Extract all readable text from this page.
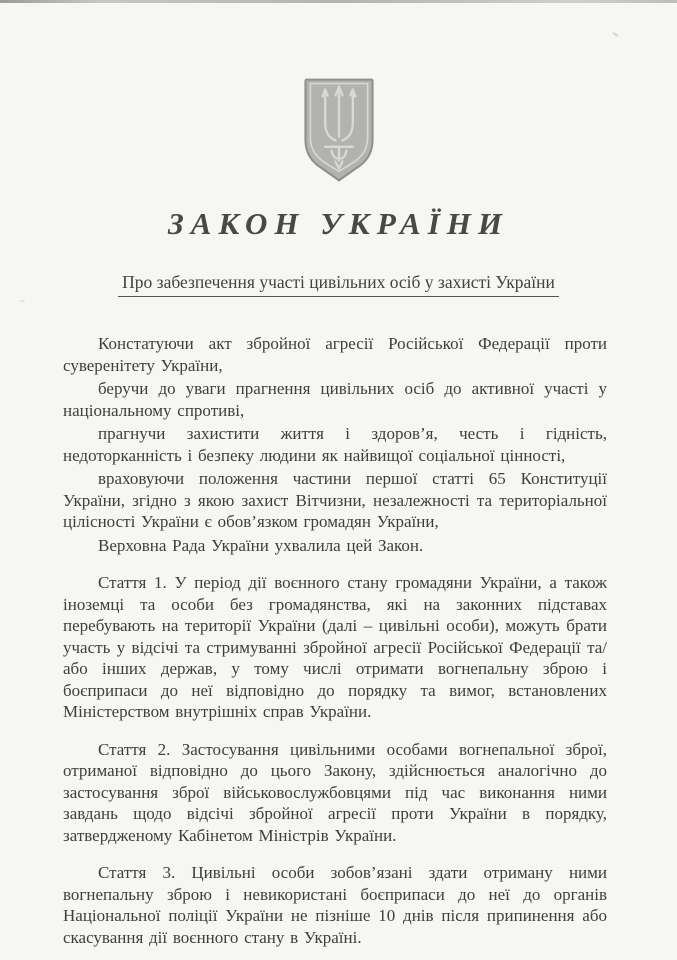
ЗАКОН УКРАЇНИ
Про забезпечення участі цивільних осіб у захисті України

Констатуючи акт збройної агресії Російської Федерації проти суверенітету України,

беручи до уваги прагнення цивільних осіб до активної участі у національному спротиві,

прагнучи захистити життя і здоров’я, честь і гідність, недоторканність і безпеку людини як найвищої соціальної цінності,

враховуючи положення частини першої статті 65 Конституції України, згідно з якою захист Вітчизни, незалежності та територіальної цілісності України є обов’язком громадян України,

Верховна Рада України ухвалила цей Закон.

Стаття 1. У період дії воєнного стану громадяни України, а також іноземці та особи без громадянства, які на законних підставах перебувають на території України (далі – цивільні особи), можуть брати участь у відсічі та стримуванні збройної агресії Російської Федерації та/або інших держав, у тому числі отримати вогнепальну зброю і боєприпаси до неї відповідно до порядку та вимог, встановлених Міністерством внутрішніх справ України.

Стаття 2. Застосування цивільними особами вогнепальної зброї, отриманої відповідно до цього Закону, здійснюється аналогічно до застосування зброї військовослужбовцями під час виконання ними завдань щодо відсічі збройної агресії проти України в порядку, затвердженому Кабінетом Міністрів України.

Стаття 3. Цивільні особи зобов’язані здати отриману ними вогнепальну зброю і невикористані боєприпаси до неї до органів Національної поліції України не пізніше 10 днів після припинення або скасування дії воєнного стану в Україні.
